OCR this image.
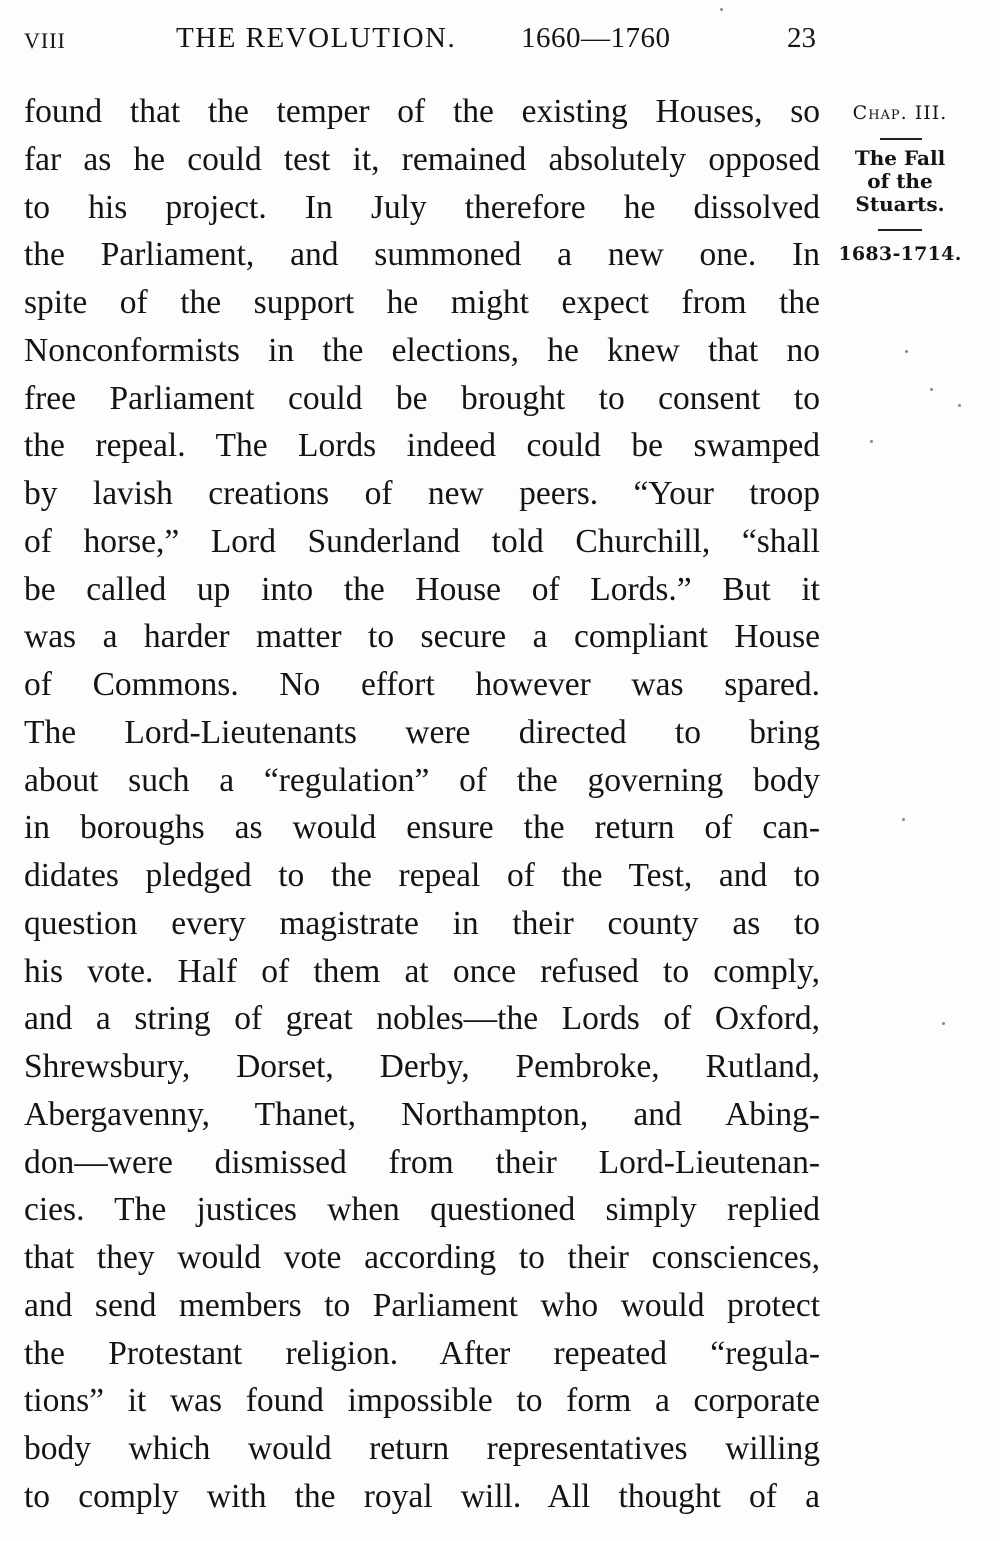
VIII	THE REVOLUTION. 1660—1760	23
found that the temper of the existing Houses, so
far as he could test it, remained absolutely opposed
to his project. In July therefore he dissolved
the Parliament, and summoned a new one. In
spite of the support he might expect from the
Nonconformists in the elections, he knew that no
free Parliament could be brought to consent to
the repeal. The Lords indeed could be swamped
by lavish creations of new peers. “Your troop
of horse,” Lord Sunderland told Churchill, “shall
be called up into the House of Lords.” But it
was a harder matter to secure a compliant House
of Commons. No effort however was spared.
The Lord-Lieutenants were directed to bring
about such a “regulation” of the governing body
in boroughs as would ensure the return of can-
didates pledged to the repeal of the Test, and to
question every magistrate in their county as to
his vote. Half of them at once refused to comply,
and a string of great nobles—the Lords of Oxford,
Shrewsbury, Dorset, Derby, Pembroke, Rutland,
Abergavenny, Thanet, Northampton, and Abing-
don—were dismissed from their Lord-Lieutenan-
cies. The justices when questioned simply replied
that they would vote according to their consciences,
and send members to Parliament who would protect
the Protestant religion. After repeated “regula-
tions” it was found impossible to form a corporate
body which would return representatives willing
to comply with the royal will. All thought of a
Chap. III.
The Fall
of the
Stuarts.
1683-1714.
